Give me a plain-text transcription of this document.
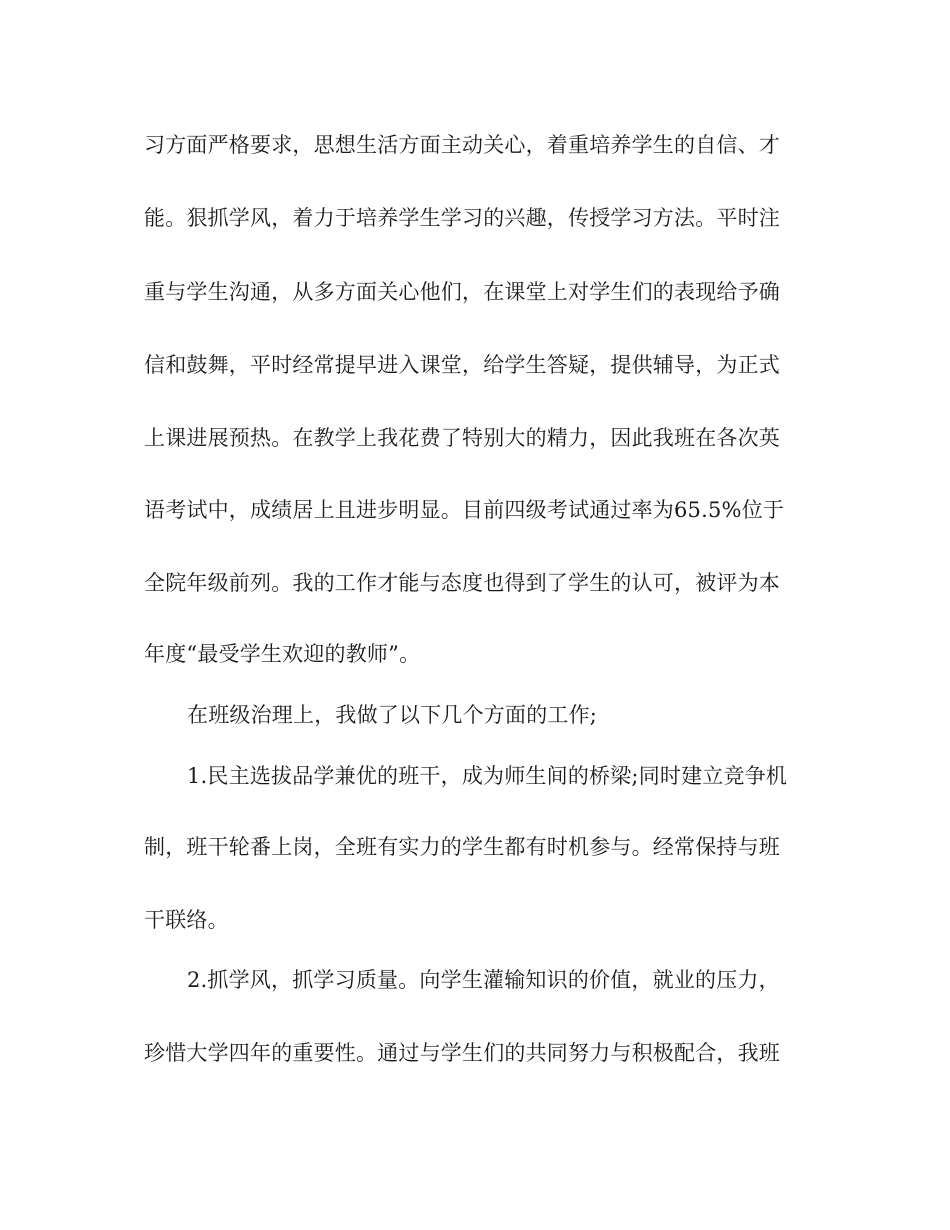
习方面严格要求，思想生活方面主动关心，着重培养学生的自信、才
能。狠抓学风，着力于培养学生学习的兴趣，传授学习方法。平时注
重与学生沟通，从多方面关心他们，在课堂上对学生们的表现给予确
信和鼓舞，平时经常提早进入课堂，给学生答疑，提供辅导，为正式
上课进展预热。在教学上我花费了特别大的精力，因此我班在各次英
语考试中，成绩居上且进步明显。目前四级考试通过率为65.5%位于
全院年级前列。我的工作才能与态度也得到了学生的认可，被评为本
年度“最受学生欢迎的教师”。
在班级治理上，我做了以下几个方面的工作;
1.民主选拔品学兼优的班干，成为师生间的桥梁;同时建立竞争机
制，班干轮番上岗，全班有实力的学生都有时机参与。经常保持与班
干联络。
2.抓学风，抓学习质量。向学生灌输知识的价值，就业的压力，
珍惜大学四年的重要性。通过与学生们的共同努力与积极配合，我班
